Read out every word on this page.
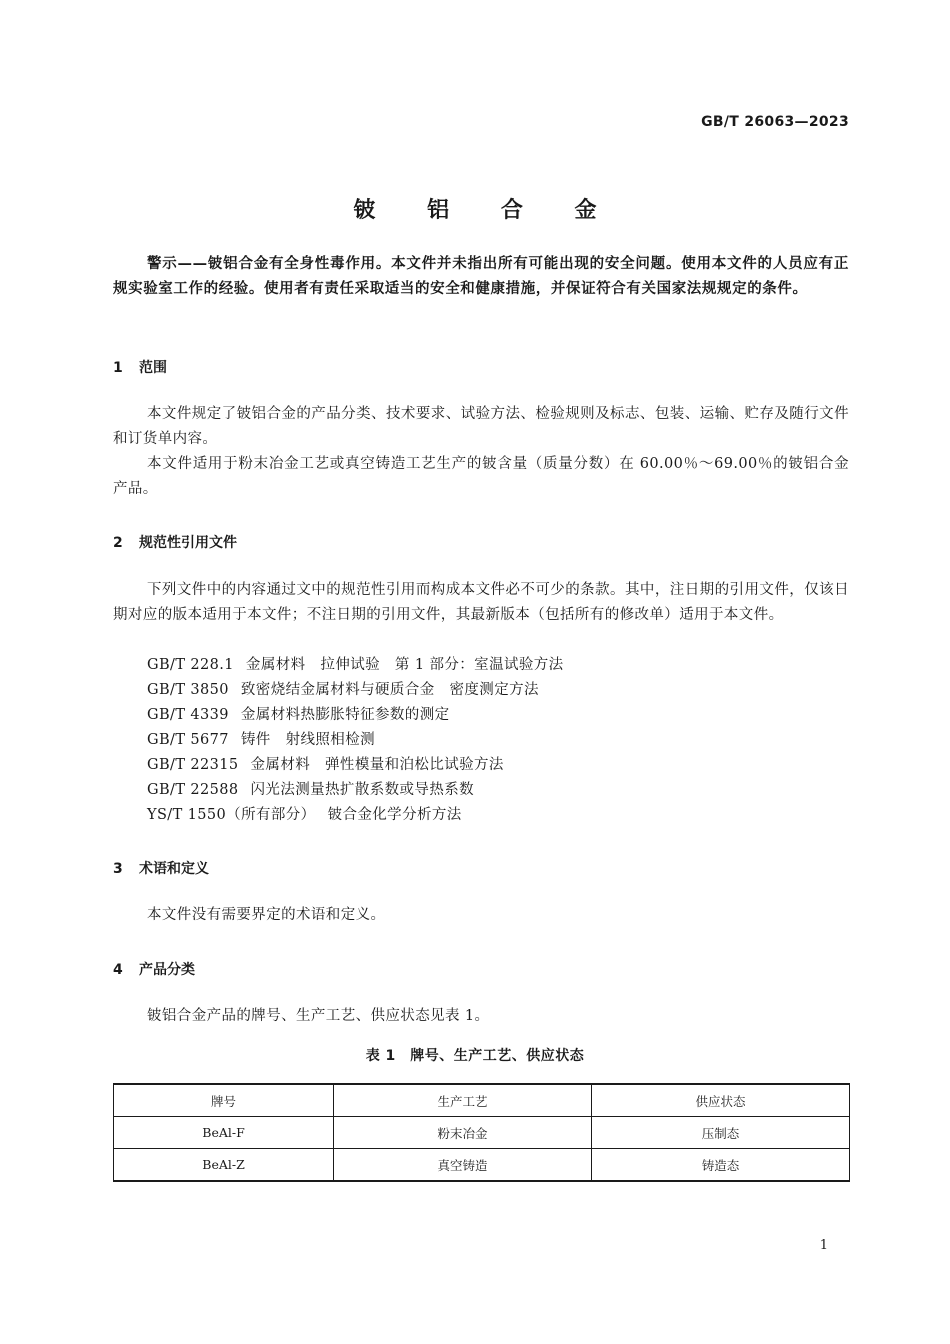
GB/T 26063—2023
铍 铝 合 金
警示——铍铝合金有全身性毒作用。本文件并未指出所有可能出现的安全问题。使用本文件的人员应有正规实验室工作的经验。使用者有责任采取适当的安全和健康措施，并保证符合有关国家法规规定的条件。
1 范围
本文件规定了铍铝合金的产品分类、技术要求、试验方法、检验规则及标志、包装、运输、贮存及随行文件和订货单内容。
本文件适用于粉末冶金工艺或真空铸造工艺生产的铍含量（质量分数）在 60.00％～69.00％的铍铝合金产品。
2 规范性引用文件
下列文件中的内容通过文中的规范性引用而构成本文件必不可少的条款。其中，注日期的引用文件，仅该日期对应的版本适用于本文件；不注日期的引用文件，其最新版本（包括所有的修改单）适用于本文件。
GB/T 228.1 金属材料　拉伸试验　第 1 部分：室温试验方法
GB/T 3850 致密烧结金属材料与硬质合金　密度测定方法
GB/T 4339 金属材料热膨胀特征参数的测定
GB/T 5677 铸件　射线照相检测
GB/T 22315 金属材料　弹性模量和泊松比试验方法
GB/T 22588 闪光法测量热扩散系数或导热系数
YS/T 1550（所有部分） 铍合金化学分析方法
3 术语和定义
本文件没有需要界定的术语和定义。
4 产品分类
铍铝合金产品的牌号、生产工艺、供应状态见表 1。
表 1　牌号、生产工艺、供应状态
牌号	生产工艺	供应状态
BeAl-F	粉末冶金	压制态
BeAl-Z	真空铸造	铸造态
1
